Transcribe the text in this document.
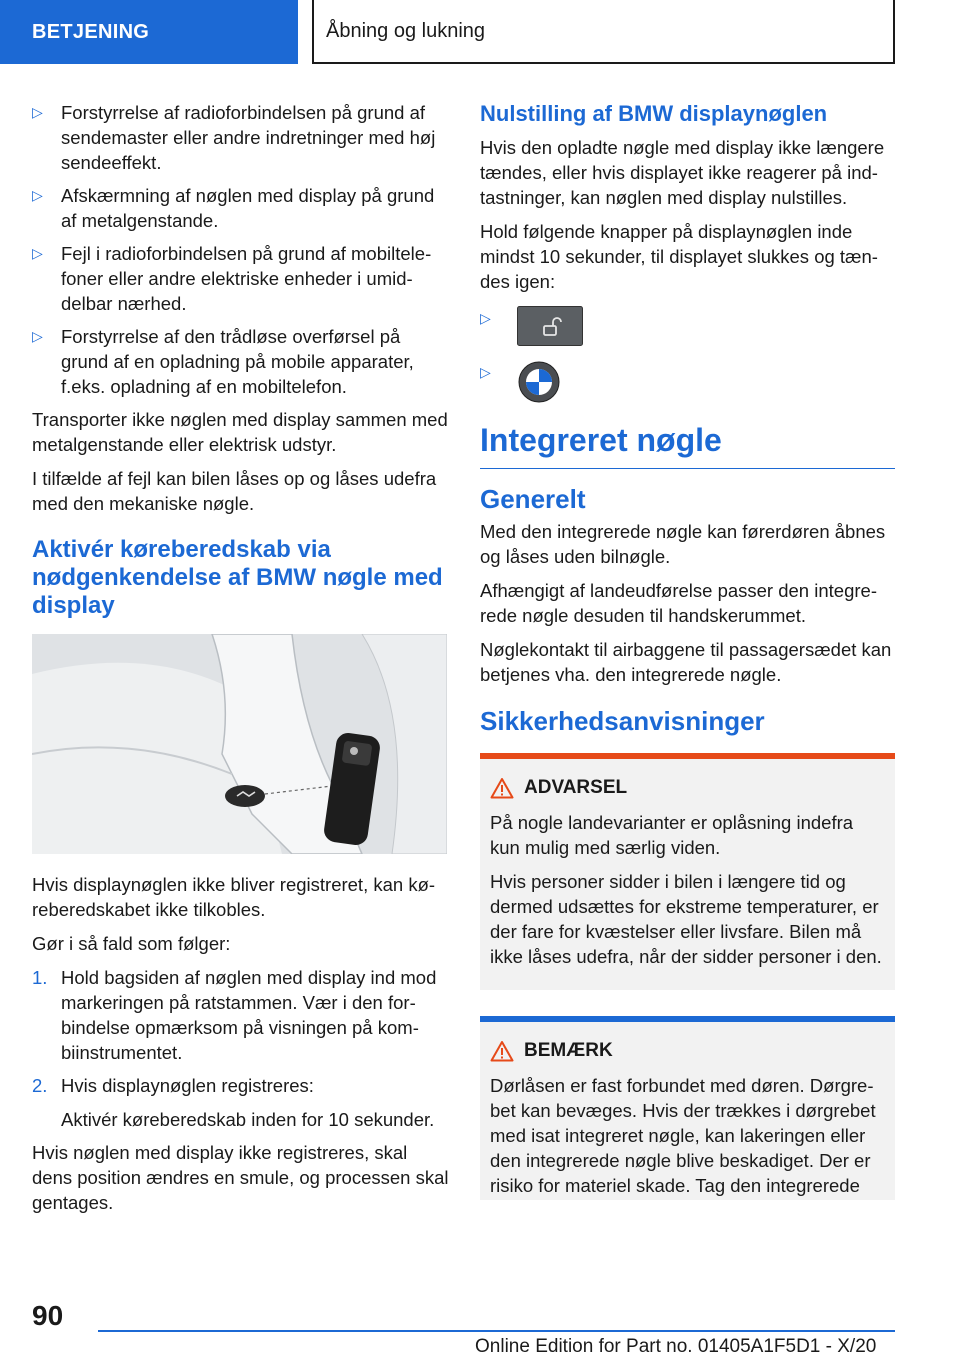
BETJENING	Åbning og lukning
▷ Forstyrrelse af radioforbindelsen på grund af sendemaster eller andre indretninger med høj sendeeffekt.
▷ Afskærmning af nøglen med display på grund af metalgenstande.
▷ Fejl i radioforbindelsen på grund af mobiltelefoner eller andre elektriske enheder i umiddelbar nærhed.
▷ Forstyrrelse af den trådløse overførsel på grund af en opladning på mobile apparater, f.eks. opladning af en mobiltelefon.

Transporter ikke nøglen med display sammen med metalgenstande eller elektrisk udstyr.

I tilfælde af fejl kan bilen låses op og låses udefra med den mekaniske nøgle.

Aktivér køreberedskab via nødgenkendelse af BMW nøgle med display

Hvis displaynøglen ikke bliver registreret, kan køreberedskabet ikke tilkobles.

Gør i så fald som følger:

1. Hold bagsiden af nøglen med display ind mod markeringen på ratstammen. Vær i den forbindelse opmærksom på visningen på kombiinstrumentet.
2. Hvis displaynøglen registreres:
Aktivér køreberedskab inden for 10 sekunder.

Hvis nøglen med display ikke registreres, skal dens position ændres en smule, og processen skal gentages.

Nulstilling af BMW displaynøglen

Hvis den opladte nøgle med display ikke længere tændes, eller hvis displayet ikke reagerer på indtastninger, kan nøglen med display nulstilles.

Hold følgende knapper på displaynøglen inde mindst 10 sekunder, til displayet slukkes og tændes igen:

▷
▷
Integreret nøgle
Generelt

Med den integrerede nøgle kan førerdøren åbnes og låses uden bilnøgle.

Afhængigt af landeudførelse passer den integrerede nøgle desuden til handskerummet.

Nøglekontakt til airbaggene til passagersædet kan betjenes vha. den integrerede nøgle.

Sikkerhedsanvisninger
ADVARSEL

På nogle landevarianter er oplåsning indefra kun mulig med særlig viden.

Hvis personer sidder i bilen i længere tid og dermed udsættes for ekstreme temperaturer, er der fare for kvæstelser eller livsfare. Bilen må ikke låses udefra, når der sidder personer i den.

BEMÆRK

Dørlåsen er fast forbundet med døren. Dørgrebet kan bevæges. Hvis der trækkes i dørgrebet med isat integreret nøgle, kan lakeringen eller den integrerede nøgle blive beskadiget. Der er risiko for materiel skade. Tag den integrerede

90
Online Edition for Part no. 01405A1F5D1 - X/20
